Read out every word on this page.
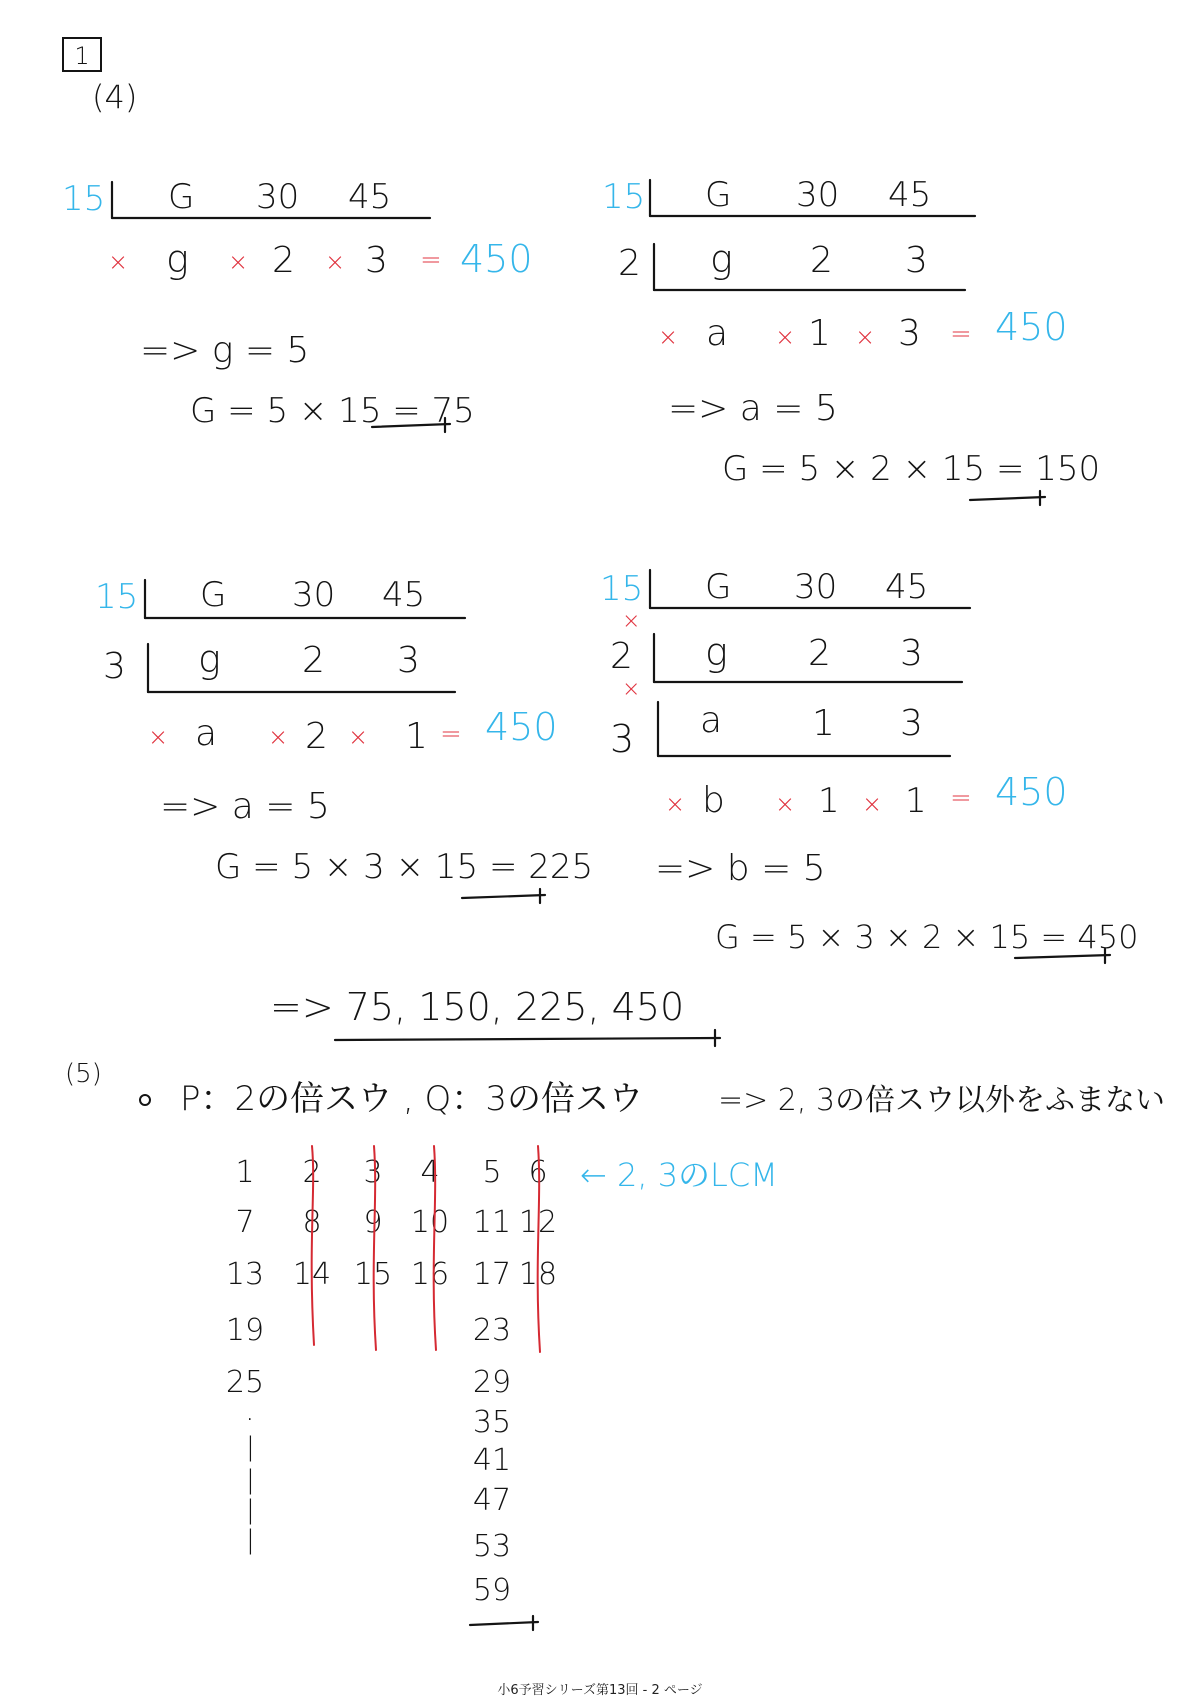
1
(4)
15 G 30 45
× g × 2 × 3 = 450
=> g = 5
G = 5 × 15 = 75
15 G 30 45
2 g 2 3
× a × 1 × 3 = 450
=> a = 5
G = 5 × 2 × 15 = 150
15 G 30 45
3 g 2 3
× a × 2 × 1 = 450
=> a = 5
G = 5 × 3 × 15 = 225
15 G 30 45
×
2 g 2 3
×
3 a 1 3
× b × 1 × 1 = 450
=> b = 5
G = 5 × 3 × 2 × 15 = 450
=> 75, 150, 225, 450
(5)
P：2の倍スウ , Q：3の倍スウ	=> 2, 3の倍スウ以外をふまない
1 2 3 4 5 6
7 8 9 10 11 12
13 14 15 16 17 18
19	23
25	29
35
41
47
53
59
.
|
|
|
|
← 2, 3のLCM
小6予習シリーズ第13回 - 2 ページ
